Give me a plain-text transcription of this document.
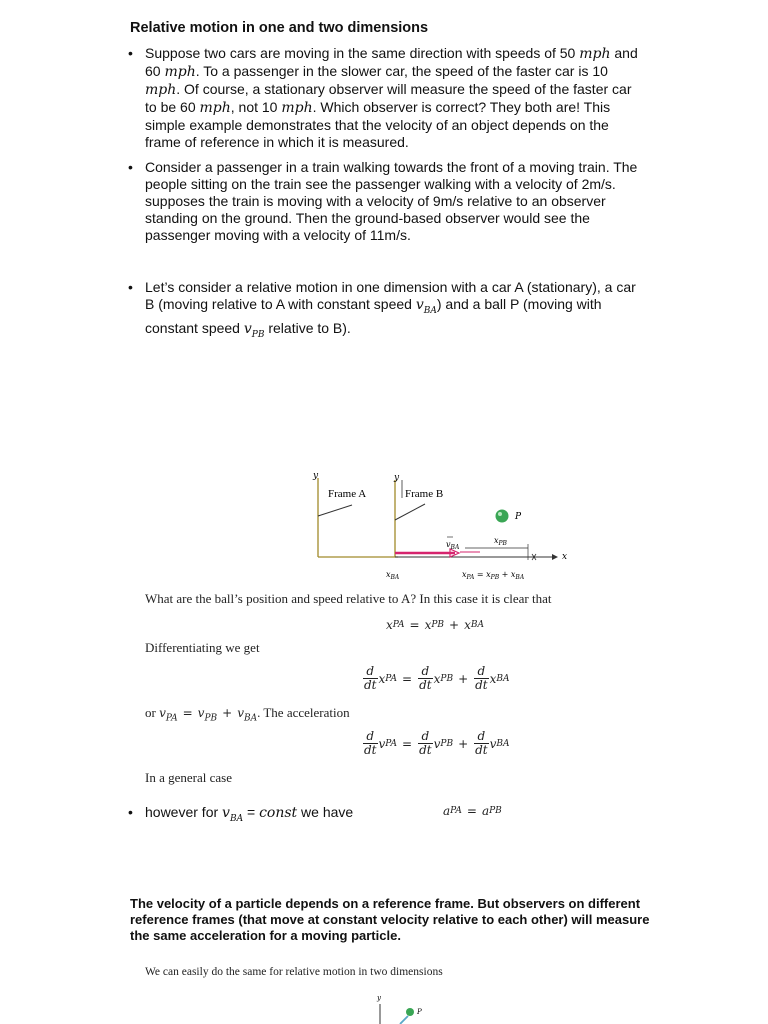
Relative motion in one and two dimensions
• Suppose two cars are moving in the same direction with speeds of 50 mph and 60 mph. To a passenger in the slower car, the speed of the faster car is 10 mph. Of course, a stationary observer will measure the speed of the faster car to be 60 mph, not 10 mph. Which observer is correct? They both are! This simple example demonstrates that the velocity of an object depends on the frame of reference in which it is measured.
• Consider a passenger in a train walking towards the front of a moving train. The people sitting on the train see the passenger walking with a velocity of 2m/s. supposes the train is moving with a velocity of 9m/s relative to an observer standing on the ground. Then the ground-based observer would see the passenger moving with a velocity of 11m/s.
• Let’s consider a relative motion in one dimension with a car A (stationary), a car B (moving relative to A with constant speed $v_{BA}$) and a ball P (moving with constant speed $v_{PB}$ relative to B).
y
Frame A
y
Frame B
$v_{BA}$
P
$x_{PB}$
x
$x_{BA}$	$x_{PA} = x_{PB} + x_{BA}$
What are the ball’s position and speed relative to A? In this case it is clear that
x PA = x PB + x BA
Differentiating we get
$\frac{d}{dt}$ x PA = $\frac{d}{dt}$ x PB + $\frac{d}{dt}$ x BA
or $v_{PA} = v_{PB} + v_{BA}$. The acceleration
$\frac{d}{dt}$ v PA = $\frac{d}{dt}$ v PB + $\frac{d}{dt}$ v BA
In a general case
• however for $v_{BA}$ = const we have	a PA = a PB
The velocity of a particle depends on a reference frame. But observers on different reference frames (that move at constant velocity relative to each other) will measure the same acceleration for a moving particle.
We can easily do the same for relative motion in two dimensions
y
P
